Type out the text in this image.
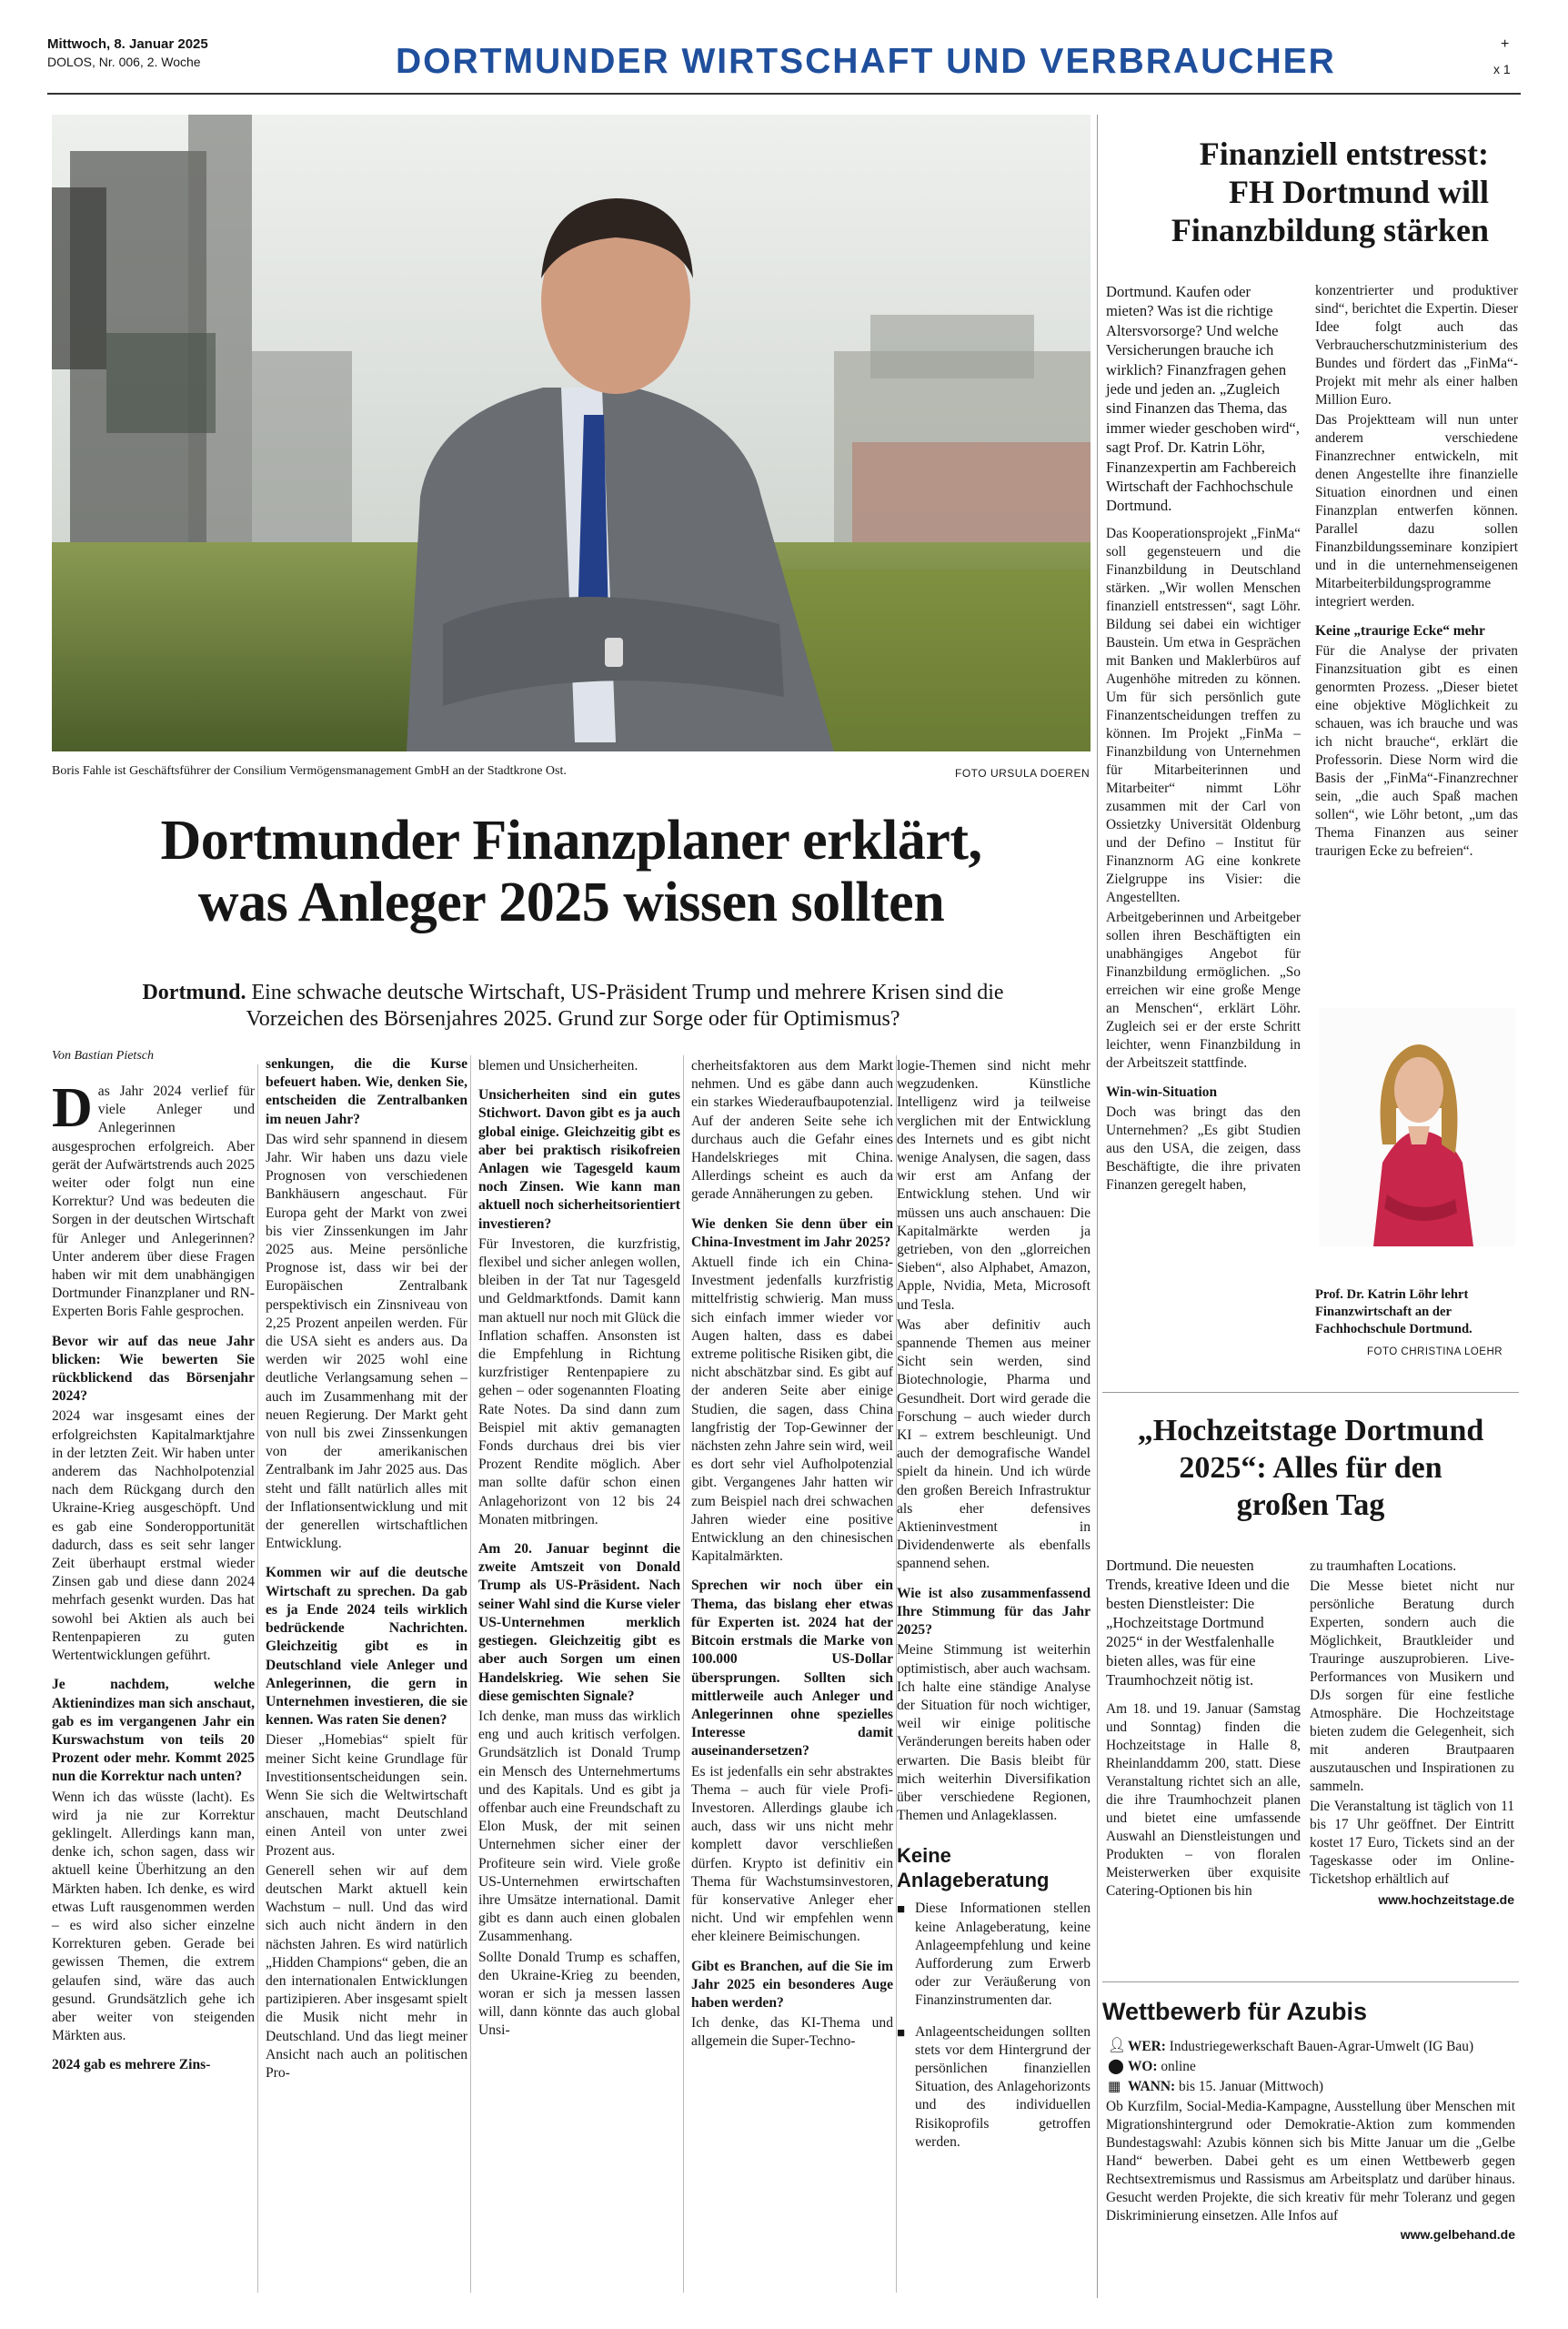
Mittwoch, 8. Januar 2025
DOLOS, Nr. 006, 2. Woche	DORTMUNDER WIRTSCHAFT UND VERBRAUCHER	+
x 1
Boris Fahle ist Geschäftsführer der Consilium Vermögensmanagement GmbH an der Stadtkrone Ost.	FOTO URSULA DOEREN
Dortmunder Finanzplaner erklärt,
was Anleger 2025 wissen sollten
Dortmund. Eine schwache deutsche Wirtschaft, US-Präsident Trump und mehrere Krisen sind die Vorzeichen des Börsenjahres 2025. Grund zur Sorge oder für Optimismus?
Von Bastian Pietsch

Das Jahr 2024 verlief für viele Anleger und Anlegerinnen ausgesprochen erfolgreich. Aber gerät der Aufwärtstrends auch 2025 weiter oder folgt nun eine Korrektur? Und was bedeuten die Sorgen in der deutschen Wirtschaft für Anleger und Anlegerinnen? Unter anderem über diese Fragen haben wir mit dem unabhängigen Dortmunder Finanzplaner und RN-Experten Boris Fahle gesprochen.

Bevor wir auf das neue Jahr blicken: Wie bewerten Sie rückblickend das Börsenjahr 2024?

2024 war insgesamt eines der erfolgreichsten Kapitalmarktjahre in der letzten Zeit. Wir haben unter anderem das Nachholpotenzial nach dem Rückgang durch den Ukraine-Krieg ausgeschöpft. Und es gab eine Sonderopportunität dadurch, dass es seit sehr langer Zeit überhaupt erstmal wieder Zinsen gab und diese dann 2024 mehrfach gesenkt wurden. Das hat sowohl bei Aktien als auch bei Rentenpapieren zu guten Wertentwicklungen geführt.

Je nachdem, welche Aktienindizes man sich anschaut, gab es im vergangenen Jahr ein Kurswachstum von teils 20 Prozent oder mehr. Kommt 2025 nun die Korrektur nach unten?

Wenn ich das wüsste (lacht). Es wird ja nie zur Korrektur geklingelt. Allerdings kann man, denke ich, schon sagen, dass wir aktuell keine Überhitzung an den Märkten haben. Ich denke, es wird etwas Luft rausgenommen werden – es wird also sicher einzelne Korrekturen geben. Gerade bei gewissen Themen, die extrem gelaufen sind, wäre das auch gesund. Grundsätzlich gehe ich aber weiter von steigenden Märkten aus.

2024 gab es mehrere Zins-

senkungen, die die Kurse befeuert haben. Wie, denken Sie, entscheiden die Zentralbanken im neuen Jahr?

Das wird sehr spannend in diesem Jahr. Wir haben uns dazu viele Prognosen von verschiedenen Bankhäusern angeschaut. Für Europa geht der Markt von zwei bis vier Zinssenkungen im Jahr 2025 aus. Meine persönliche Prognose ist, dass wir bei der Europäischen Zentralbank perspektivisch ein Zinsniveau von 2,25 Prozent anpeilen werden. Für die USA sieht es anders aus. Da werden wir 2025 wohl eine deutliche Verlangsamung sehen – auch im Zusammenhang mit der neuen Regierung. Der Markt geht von null bis zwei Zinssenkungen von der amerikanischen Zentralbank im Jahr 2025 aus. Das steht und fällt natürlich alles mit der Inflationsentwicklung und mit der generellen wirtschaftlichen Entwicklung.

Kommen wir auf die deutsche Wirtschaft zu sprechen. Da gab es ja Ende 2024 teils wirklich bedrückende Nachrichten. Gleichzeitig gibt es in Deutschland viele Anleger und Anlegerinnen, die gern in Unternehmen investieren, die sie kennen. Was raten Sie denen?

Dieser „Homebias“ spielt für meiner Sicht keine Grundlage für Investitionsentscheidungen sein. Wenn Sie sich die Weltwirtschaft anschauen, macht Deutschland einen Anteil von unter zwei Prozent aus.

Generell sehen wir auf dem deutschen Markt aktuell kein Wachstum – null. Und das wird sich auch nicht ändern in den nächsten Jahren. Es wird natürlich „Hidden Champions“ geben, die an den internationalen Entwicklungen partizipieren. Aber insgesamt spielt die Musik nicht mehr in Deutschland. Und das liegt meiner Ansicht nach auch an politischen Pro-

blemen und Unsicherheiten.

Unsicherheiten sind ein gutes Stichwort. Davon gibt es ja auch global einige. Gleichzeitig gibt es aber bei praktisch risikofreien Anlagen wie Tagesgeld kaum noch Zinsen. Wie kann man aktuell noch sicherheitsorientiert investieren?

Für Investoren, die kurzfristig, flexibel und sicher anlegen wollen, bleiben in der Tat nur Tagesgeld und Geldmarktfonds. Damit kann man aktuell nur noch mit Glück die Inflation schaffen. Ansonsten ist die Empfehlung in Richtung kurzfristiger Rentenpapiere zu gehen – oder sogenannten Floating Rate Notes. Da sind dann zum Beispiel mit aktiv gemanagten Fonds durchaus drei bis vier Prozent Rendite möglich. Aber man sollte dafür schon einen Anlagehorizont von 12 bis 24 Monaten mitbringen.

Am 20. Januar beginnt die zweite Amtszeit von Donald Trump als US-Präsident. Nach seiner Wahl sind die Kurse vieler US-Unternehmen merklich gestiegen. Gleichzeitig gibt es aber auch Sorgen um einen Handelskrieg. Wie sehen Sie diese gemischten Signale?

Ich denke, man muss das wirklich eng und auch kritisch verfolgen. Grundsätzlich ist Donald Trump ein Mensch des Unternehmertums und des Kapitals. Und es gibt ja offenbar auch eine Freundschaft zu Elon Musk, der mit seinen Unternehmen sicher einer der Profiteure sein wird. Viele große US-Unternehmen erwirtschaften ihre Umsätze international. Damit gibt es dann auch einen globalen Zusammenhang.

Sollte Donald Trump es schaffen, den Ukraine-Krieg zu beenden, woran er sich ja messen lassen will, dann könnte das auch global Unsi-

cherheitsfaktoren aus dem Markt nehmen. Und es gäbe dann auch ein starkes Wiederaufbaupotenzial. Auf der anderen Seite sehe ich durchaus auch die Gefahr eines Handelskrieges mit China. Allerdings scheint es auch da gerade Annäherungen zu geben.

Wie denken Sie denn über ein China-Investment im Jahr 2025?

Aktuell finde ich ein China-Investment jedenfalls kurzfristig mittelfristig schwierig. Man muss sich einfach immer wieder vor Augen halten, dass es dabei extreme politische Risiken gibt, die nicht abschätzbar sind. Es gibt auf der anderen Seite aber einige Studien, die sagen, dass China langfristig der Top-Gewinner der nächsten zehn Jahre sein wird, weil es dort sehr viel Aufholpotenzial gibt. Vergangenes Jahr hatten wir zum Beispiel nach drei schwachen Jahren wieder eine positive Entwicklung an den chinesischen Kapitalmärkten.

Sprechen wir noch über ein Thema, das bislang eher etwas für Experten ist. 2024 hat der Bitcoin erstmals die Marke von 100.000 US-Dollar übersprungen. Sollten sich mittlerweile auch Anleger und Anlegerinnen ohne spezielles Interesse damit auseinandersetzen?

Es ist jedenfalls ein sehr abstraktes Thema – auch für viele Profi-Investoren. Allerdings glaube ich auch, dass wir uns nicht mehr komplett davor verschließen dürfen. Krypto ist definitiv ein Thema für Wachstumsinvestoren, für konservative Anleger eher nicht. Und wir empfehlen wenn eher kleinere Beimischungen.

Gibt es Branchen, auf die Sie im Jahr 2025 ein besonderes Auge haben werden?

Ich denke, das KI-Thema und allgemein die Super-Techno-

logie-Themen sind nicht mehr wegzudenken. Künstliche Intelligenz wird ja teilweise verglichen mit der Entwicklung des Internets und es gibt nicht wenige Analysen, die sagen, dass wir erst am Anfang der Entwicklung stehen. Und wir müssen uns auch anschauen: Die Kapitalmärkte werden ja getrieben, von den „glorreichen Sieben“, also Alphabet, Amazon, Apple, Nvidia, Meta, Microsoft und Tesla.

Was aber definitiv auch spannende Themen aus meiner Sicht sein werden, sind Biotechnologie, Pharma und Gesundheit. Dort wird gerade die Forschung – auch wieder durch KI – extrem beschleunigt. Und auch der demografische Wandel spielt da hinein. Und ich würde den großen Bereich Infrastruktur als eher defensives Aktieninvestment in Dividendenwerte als ebenfalls spannend sehen.

Wie ist also zusammenfassend Ihre Stimmung für das Jahr 2025?

Meine Stimmung ist weiterhin optimistisch, aber auch wachsam. Ich halte eine ständige Analyse der Situation für noch wichtiger, weil wir einige politische Veränderungen bereits haben oder erwarten. Die Basis bleibt für mich weiterhin Diversifikation über verschiedene Regionen, Themen und Anlageklassen.

Keine
Anlageberatung
■ Diese Informationen stellen keine Anlageberatung, keine Anlageempfehlung und keine Aufforderung zum Erwerb oder zur Veräußerung von Finanzinstrumenten dar.
■ Anlageentscheidungen sollten stets vor dem Hintergrund der persönlichen finanziellen Situation, des Anlagehorizonts und des individuellen Risikoprofils getroffen werden.
Finanziell entstresst:
FH Dortmund will
Finanzbildung stärken

Dortmund. Kaufen oder mieten? Was ist die richtige Altersvorsorge? Und welche Versicherungen brauche ich wirklich? Finanzfragen gehen jede und jeden an. „Zugleich sind Finanzen das Thema, das immer wieder geschoben wird“, sagt Prof. Dr. Katrin Löhr, Finanzexpertin am Fachbereich Wirtschaft der Fachhochschule Dortmund.

Das Kooperationsprojekt „FinMa“ soll gegensteuern und die Finanzbildung in Deutschland stärken. „Wir wollen Menschen finanziell entstressen“, sagt Löhr. Bildung sei dabei ein wichtiger Baustein. Um etwa in Gesprächen mit Banken und Maklerbüros auf Augenhöhe mitreden zu können. Um für sich persönlich gute Finanzentscheidungen treffen zu können. Im Projekt „FinMa – Finanzbildung von Unternehmen für Mitarbeiterinnen und Mitarbeiter“ nimmt Löhr zusammen mit der Carl von Ossietzky Universität Oldenburg und der Defino – Institut für Finanznorm AG eine konkrete Zielgruppe ins Visier: die Angestellten.

Arbeitgeberinnen und Arbeitgeber sollen ihren Beschäftigten ein unabhängiges Angebot für Finanzbildung ermöglichen. „So erreichen wir eine große Menge an Menschen“, erklärt Löhr. Zugleich sei er der erste Schritt leichter, wenn Finanzbildung in der Arbeitszeit stattfinde.

Win-win-Situation

Doch was bringt das den Unternehmen? „Es gibt Studien aus den USA, die zeigen, dass Beschäftigte, die ihre privaten Finanzen geregelt haben,

konzentrierter und produktiver sind“, berichtet die Expertin. Dieser Idee folgt auch das Verbraucherschutzministerium des Bundes und fördert das „FinMa“-Projekt mit mehr als einer halben Million Euro.

Das Projektteam will nun unter anderem verschiedene Finanzrechner entwickeln, mit denen Angestellte ihre finanzielle Situation einordnen und einen Finanzplan entwerfen können. Parallel dazu sollen Finanzbildungsseminare konzipiert und in die unternehmenseigenen Mitarbeiterbildungsprogramme integriert werden.

Keine „traurige Ecke“ mehr

Für die Analyse der privaten Finanzsituation gibt es einen genormten Prozess. „Dieser bietet eine objektive Möglichkeit zu schauen, was ich brauche und was ich nicht brauche“, erklärt die Professorin. Diese Norm wird die Basis der „FinMa“-Finanzrechner sein, „die auch Spaß machen sollen“, wie Löhr betont, „um das Thema Finanzen aus seiner traurigen Ecke zu befreien“.

Prof. Dr. Katrin Löhr lehrt Finanzwirtschaft an der Fachhochschule Dortmund.
FOTO CHRISTINA LOEHR
„Hochzeitstage Dortmund
2025“: Alles für den
großen Tag

Dortmund. Die neuesten Trends, kreative Ideen und die besten Dienstleister: Die „Hochzeitstage Dortmund 2025“ in der Westfalenhalle bieten alles, was für eine Traumhochzeit nötig ist.

Am 18. und 19. Januar (Samstag und Sonntag) finden die Hochzeitstage in Halle 8, Rheinlanddamm 200, statt. Diese Veranstaltung richtet sich an alle, die ihre Traumhochzeit planen und bietet eine umfassende Auswahl an Dienstleistungen und Produkten – von floralen Meisterwerken über exquisite Catering-Optionen bis hin

zu traumhaften Locations.

Die Messe bietet nicht nur persönliche Beratung durch Experten, sondern auch die Möglichkeit, Brautkleider und Trauringe auszuprobieren. Live-Performances von Musikern und DJs sorgen für eine festliche Atmosphäre. Die Hochzeitstage bieten zudem die Gelegenheit, sich mit anderen Brautpaaren auszutauschen und Inspirationen zu sammeln.

Die Veranstaltung ist täglich von 11 bis 17 Uhr geöffnet. Der Eintritt kostet 17 Euro, Tickets sind an der Tageskasse oder im Online-Ticketshop erhältlich auf

www.hochzeitstage.de

Wettbewerb für Azubis
👤︎ WER: Industriegewerkschaft Bauen-Agrar-Umwelt (IG Bau)
⬤ WO: online
▦ WANN: bis 15. Januar (Mittwoch)

Ob Kurzfilm, Social-Media-Kampagne, Ausstellung über Menschen mit Migrationshintergrund oder Demokratie-Aktion zum kommenden Bundestagswahl: Azubis können sich bis Mitte Januar um die „Gelbe Hand“ bewerben. Dabei geht es um einen Wettbewerb gegen Rechtsextremismus und Rassismus am Arbeitsplatz und darüber hinaus. Gesucht werden Projekte, die sich kreativ für mehr Toleranz und gegen Diskriminierung einsetzen. Alle Infos auf

www.gelbehand.de
